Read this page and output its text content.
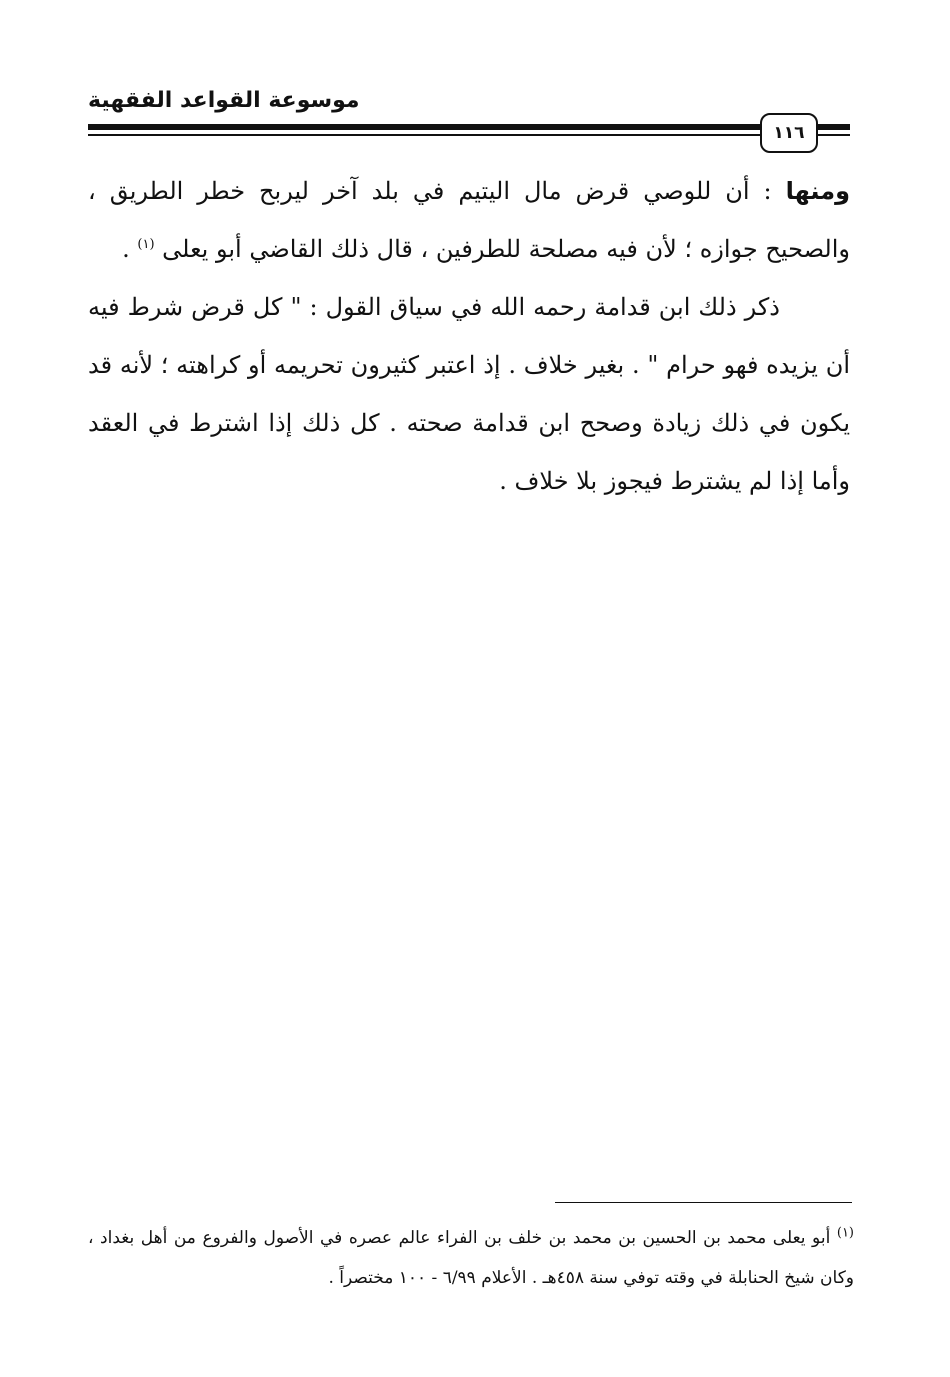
موسوعة القواعد الفقهية
١١٦

ومنها : أن للوصي قرض مال اليتيم في بلد آخر ليربح خطر الطريق ، والصحيح جوازه ؛ لأن فيه مصلحة للطرفين ، قال ذلك القاضي أبو يعلى $^{(١)}$ .

ذكر ذلك ابن قدامة رحمه الله في سياق القول : " كل قرض شرط فيه أن يزيده فهو حرام " . بغير خلاف . إذ اعتبر كثيرون تحريمه أو كراهته ؛ لأنه قد يكون في ذلك زيادة وصحح ابن قدامة صحته . كل ذلك إذا اشترط في العقد وأما إذا لم يشترط فيجوز بلا خلاف .

$^{(١)}$ أبو يعلى محمد بن الحسين بن محمد بن خلف بن الفراء عالم عصره في الأصول والفروع من أهل بغداد ، وكان شيخ الحنابلة في وقته توفي سنة ٤٥٨هـ . الأعلام ٦/٩٩ - ١٠٠ مختصراً .
